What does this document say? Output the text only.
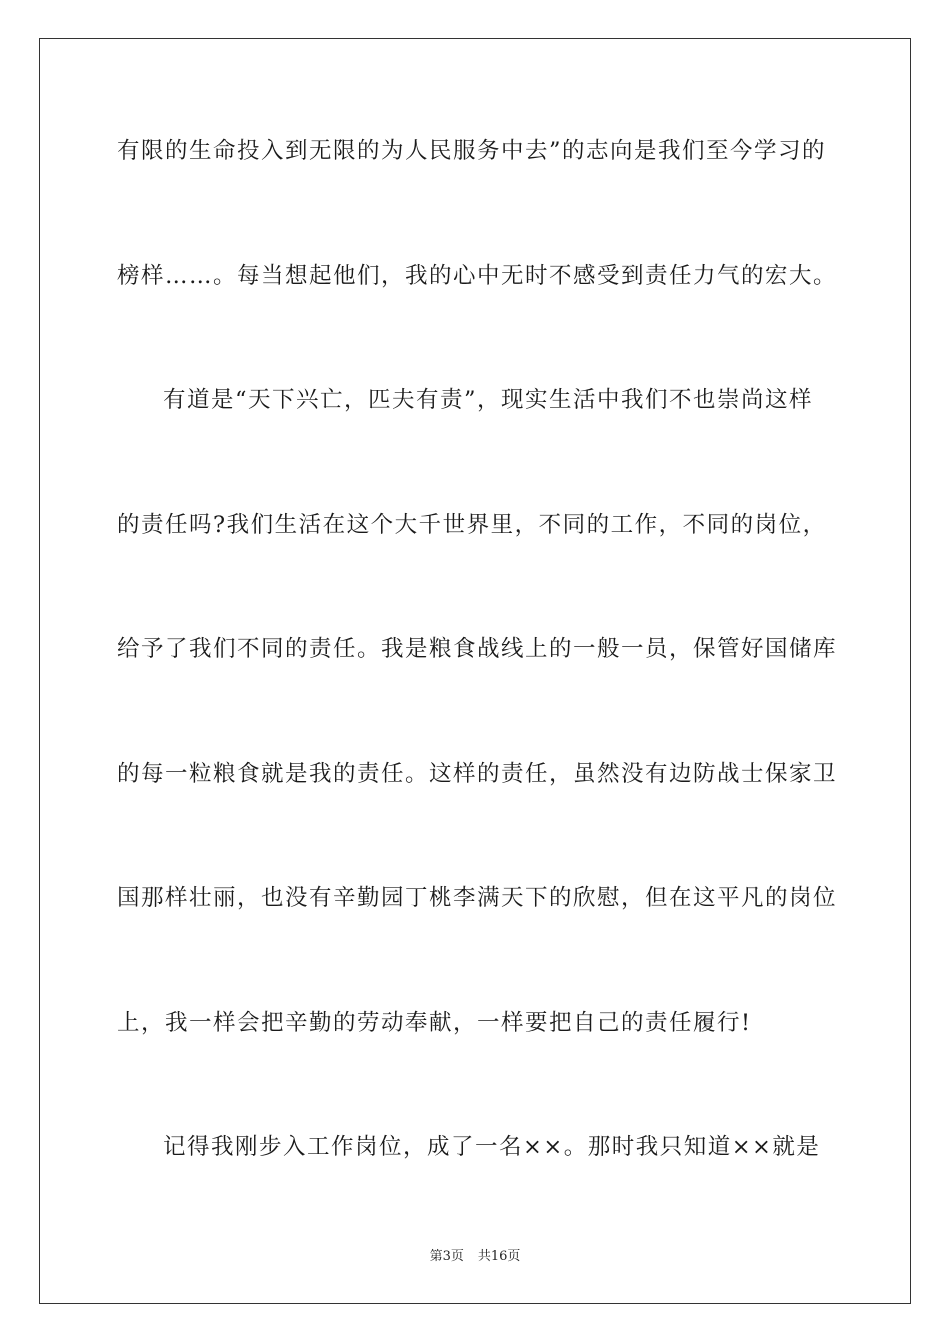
有限的生命投入到无限的为人民服务中去”的志向是我们至今学习的
榜样……。每当想起他们，我的心中无时不感受到责任力气的宏大。
有道是“天下兴亡，匹夫有责”，现实生活中我们不也崇尚这样
的责任吗?我们生活在这个大千世界里，不同的工作，不同的岗位，
给予了我们不同的责任。我是粮食战线上的一般一员，保管好国储库
的每一粒粮食就是我的责任。这样的责任，虽然没有边防战士保家卫
国那样壮丽，也没有辛勤园丁桃李满天下的欣慰，但在这平凡的岗位
上，我一样会把辛勤的劳动奉献，一样要把自己的责任履行!
记得我刚步入工作岗位，成了一名××。那时我只知道××就是
第3页 共16页
